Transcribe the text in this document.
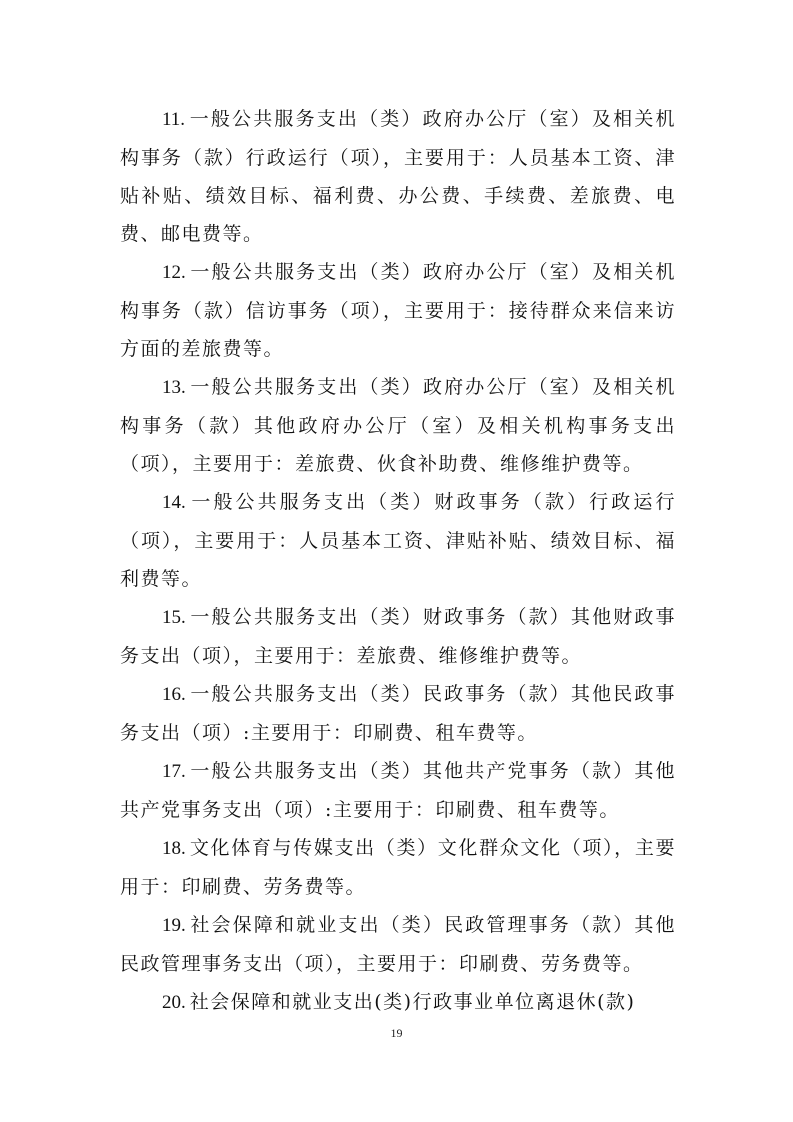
11. 一般公共服务支出（类）政府办公厅（室）及相关机构事务（款）行政运行（项），主要用于：人员基本工资、津贴补贴、绩效目标、福利费、办公费、手续费、差旅费、电费、邮电费等。

12. 一般公共服务支出（类）政府办公厅（室）及相关机构事务（款）信访事务（项），主要用于：接待群众来信来访方面的差旅费等。

13. 一般公共服务支出（类）政府办公厅（室）及相关机构事务（款）其他政府办公厅（室）及相关机构事务支出（项），主要用于：差旅费、伙食补助费、维修维护费等。

14. 一般公共服务支出（类）财政事务（款）行政运行（项），主要用于：人员基本工资、津贴补贴、绩效目标、福利费等。

15. 一般公共服务支出（类）财政事务（款）其他财政事务支出（项），主要用于：差旅费、维修维护费等。

16. 一般公共服务支出（类）民政事务（款）其他民政事务支出（项）:主要用于：印刷费、租车费等。

17. 一般公共服务支出（类）其他共产党事务（款）其他共产党事务支出（项）:主要用于：印刷费、租车费等。

18. 文化体育与传媒支出（类）文化群众文化（项），主要用于：印刷费、劳务费等。

19. 社会保障和就业支出（类）民政管理事务（款）其他民政管理事务支出（项），主要用于：印刷费、劳务费等。

20. 社会保障和就业支出(类)行政事业单位离退休(款)

19
